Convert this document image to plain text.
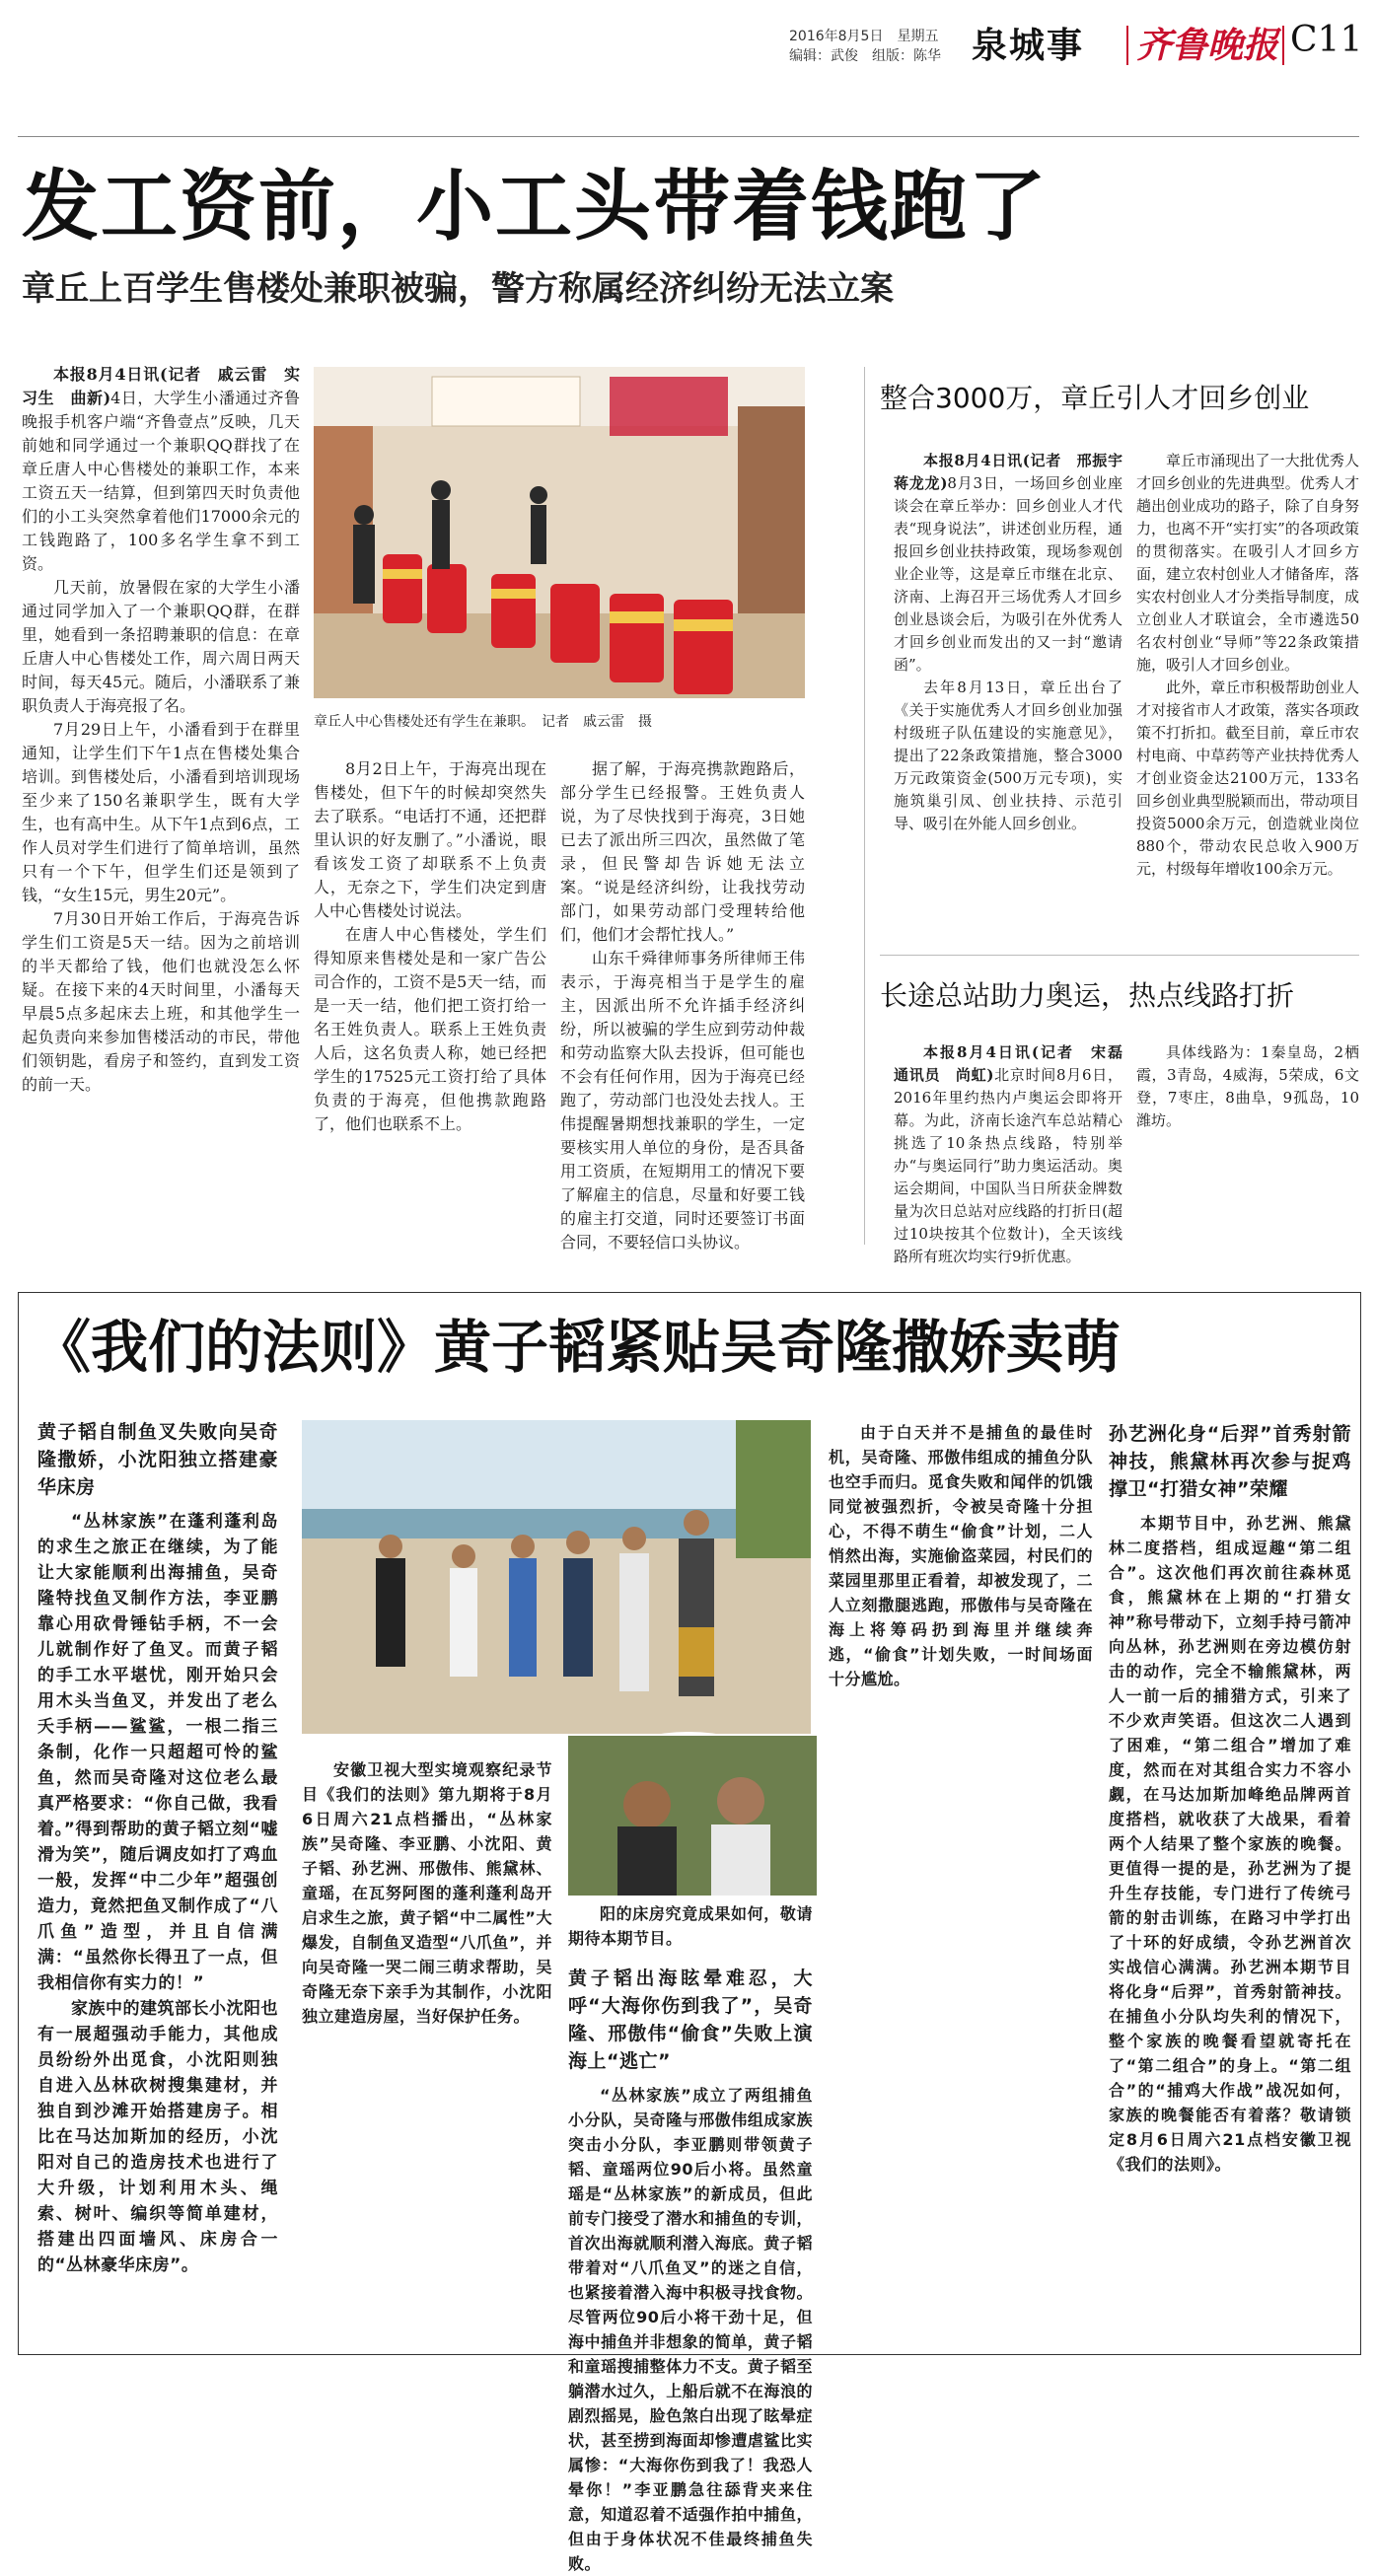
2016年8月5日　星期五
编辑：武俊　组版：陈华 泉城事 齐鲁晚报 C11
发工资前，小工头带着钱跑了
章丘上百学生售楼处兼职被骗，警方称属经济纠纷无法立案

本报8月4日讯(记者　戚云雷　实习生　曲新)4日，大学生小潘通过齐鲁晚报手机客户端“齐鲁壹点”反映，几天前她和同学通过一个兼职QQ群找了在章丘唐人中心售楼处的兼职工作，本来工资五天一结算，但到第四天时负责他们的小工头突然拿着他们17000余元的工钱跑路了，100多名学生拿不到工资。

几天前，放暑假在家的大学生小潘通过同学加入了一个兼职QQ群，在群里，她看到一条招聘兼职的信息：在章丘唐人中心售楼处工作，周六周日两天时间，每天45元。随后，小潘联系了兼职负责人于海亮报了名。

7月29日上午，小潘看到于在群里通知，让学生们下午1点在售楼处集合培训。到售楼处后，小潘看到培训现场至少来了150名兼职学生，既有大学生，也有高中生。从下午1点到6点，工作人员对学生们进行了简单培训，虽然只有一个下午，但学生们还是领到了钱，“女生15元，男生20元”。

7月30日开始工作后，于海亮告诉学生们工资是5天一结。因为之前培训的半天都给了钱，他们也就没怎么怀疑。在接下来的4天时间里，小潘每天早晨5点多起床去上班，和其他学生一起负责向来参加售楼活动的市民，带他们领钥匙，看房子和签约，直到发工资的前一天。

章丘人中心售楼处还有学生在兼职。　记者　戚云雷　摄

8月2日上午，于海亮出现在售楼处，但下午的时候却突然失去了联系。“电话打不通，还把群里认识的好友删了。”小潘说，眼看该发工资了却联系不上负责人，无奈之下，学生们决定到唐人中心售楼处讨说法。

在唐人中心售楼处，学生们得知原来售楼处是和一家广告公司合作的，工资不是5天一结，而是一天一结，他们把工资打给一名王姓负责人。联系上王姓负责人后，这名负责人称，她已经把学生的17525元工资打给了具体负责的于海亮，但他携款跑路了，他们也联系不上。

据了解，于海亮携款跑路后，部分学生已经报警。王姓负责人说，为了尽快找到于海亮，3日她已去了派出所三四次，虽然做了笔录，但民警却告诉她无法立案。“说是经济纠纷，让我找劳动部门，如果劳动部门受理转给他们，他们才会帮忙找人。”

山东千舜律师事务所律师王伟表示，于海亮相当于是学生的雇主，因派出所不允许插手经济纠纷，所以被骗的学生应到劳动仲裁和劳动监察大队去投诉，但可能也不会有任何作用，因为于海亮已经跑了，劳动部门也没处去找人。王伟提醒暑期想找兼职的学生，一定要核实用人单位的身份，是否具备用工资质，在短期用工的情况下要了解雇主的信息，尽量和好要工钱的雇主打交道，同时还要签订书面合同，不要轻信口头协议。

整合3000万，章丘引人才回乡创业

本报8月4日讯(记者　邢振宇　蒋龙龙)8月3日，一场回乡创业座谈会在章丘举办：回乡创业人才代表“现身说法”，讲述创业历程，通报回乡创业扶持政策，现场参观创业企业等，这是章丘市继在北京、济南、上海召开三场优秀人才回乡创业恳谈会后，为吸引在外优秀人才回乡创业而发出的又一封“邀请函”。

去年8月13日，章丘出台了《关于实施优秀人才回乡创业加强村级班子队伍建设的实施意见》，提出了22条政策措施，整合3000万元政策资金(500万元专项)，实施筑巢引凤、创业扶持、示范引导、吸引在外能人回乡创业。

章丘市涌现出了一大批优秀人才回乡创业的先进典型。优秀人才趟出创业成功的路子，除了自身努力，也离不开“实打实”的各项政策的贯彻落实。在吸引人才回乡方面，建立农村创业人才储备库，落实农村创业人才分类指导制度，成立创业人才联谊会，全市遴选50名农村创业“导师”等22条政策措施，吸引人才回乡创业。

此外，章丘市积极帮助创业人才对接省市人才政策，落实各项政策不打折扣。截至目前，章丘市农村电商、中草药等产业扶持优秀人才创业资金达2100万元，133名回乡创业典型脱颖而出，带动项目投资5000余万元，创造就业岗位880个，带动农民总收入900万元，村级每年增收100余万元。

长途总站助力奥运，热点线路打折

本报8月4日讯(记者　宋磊　通讯员　尚虹)北京时间8月6日，2016年里约热内卢奥运会即将开幕。为此，济南长途汽车总站精心挑选了10条热点线路，特别举办“与奥运同行”助力奥运活动。奥运会期间，中国队当日所获金牌数量为次日总站对应线路的打折日(超过10块按其个位数计)，全天该线路所有班次均实行9折优惠。

具体线路为：1秦皇岛，2栖霞，3青岛，4威海，5荣成，6文登，7枣庄，8曲阜，9孤岛，10潍坊。

《我们的法则》黄子韬紧贴吴奇隆撒娇卖萌

黄子韬自制鱼叉失败向吴奇隆撒娇，小沈阳独立搭建豪华床房

“丛林家族”在蓬利蓬利岛的求生之旅正在继续，为了能让大家能顺利出海捕鱼，吴奇隆特找鱼叉制作方法，李亚鹏靠心用砍骨锤钻手柄，不一会儿就制作好了鱼叉。而黄子韬的手工水平堪忧，刚开始只会用木头当鱼叉，并发出了老么夭手柄——鲨鲨，一根二指三条制，化作一只超超可怜的鲨鱼，然而吴奇隆对这位老么最真严格要求：“你自己做，我看着。”得到帮助的黄子韬立刻“嘘滑为笑”，随后调皮如打了鸡血一般，发挥“中二少年”超强创造力，竟然把鱼叉制作成了“八爪鱼”造型，并且自信满满：“虽然你长得丑了一点，但我相信你有实力的！”

家族中的建筑部长小沈阳也有一展超强动手能力，其他成员纷纷外出觅食，小沈阳则独自进入丛林砍树搜集建材，并独自到沙滩开始搭建房子。相比在马达加斯加的经历，小沈阳对自己的造房技术也进行了大升级，计划利用木头、绳索、树叶、编织等简单建材，搭建出四面墙风、床房合一的“丛林豪华床房”。

安徽卫视大型实境观察纪录节目《我们的法则》第九期将于8月6日周六21点档播出，“丛林家族”吴奇隆、李亚鹏、小沈阳、黄子韬、孙艺洲、邢傲伟、熊黛林、童瑶，在瓦努阿图的蓬利蓬利岛开启求生之旅，黄子韬“中二属性”大爆发，自制鱼叉造型“八爪鱼”，并向吴奇隆一哭二闹三萌求帮助，吴奇隆无奈下亲手为其制作，小沈阳独立建造房屋，当好保护任务。

阳的床房究竟成果如何，敬请期待本期节目。

黄子韬出海眩晕难忍，大呼“大海你伤到我了”，吴奇隆、邢傲伟“偷食”失败上演海上“逃亡”

“丛林家族”成立了两组捕鱼小分队，吴奇隆与邢傲伟组成家族突击小分队，李亚鹏则带领黄子韬、童瑶两位90后小将。虽然童瑶是“丛林家族”的新成员，但此前专门接受了潜水和捕鱼的专训，首次出海就顺利潜入海底。黄子韬带着对“八爪鱼叉”的迷之自信，也紧接着潜入海中积极寻找食物。尽管两位90后小将干劲十足，但海中捕鱼并非想象的简单，黄子韬和童瑶搜捕整体力不支。黄子韬至躺潜水过久，上船后就不在海浪的剧烈摇晃，脸色煞白出现了眩晕症状，甚至捞到海面却惨遭虐鲨比实属惨：“大海你伤到我了！我恐人晕你！”李亚鹏急往舔背夹来住意，知道忍着不适强作拍中捕鱼，但由于身体状况不佳最终捕鱼失败。

由于白天并不是捕鱼的最佳时机，吴奇隆、邢傲伟组成的捕鱼分队也空手而归。觅食失败和闻伴的饥饿同觉被强烈折，令被吴奇隆十分担心，不得不萌生“偷食”计划，二人悄然出海，实施偷盗菜园，村民们的菜园里那里正看着，却被发现了，二人立刻撒腿逃跑，邢傲伟与吴奇隆在海上将筹码扔到海里并继续奔逃，“偷食”计划失败，一时间场面十分尴尬。

孙艺洲化身“后羿”首秀射箭神技，熊黛林再次参与捉鸡撑卫“打猎女神”荣耀

本期节目中，孙艺洲、熊黛林二度搭档，组成逗趣“第二组合”。这次他们再次前往森林觅食，熊黛林在上期的“打猎女神”称号带动下，立刻手持弓箭冲向丛林，孙艺洲则在旁边模仿射击的动作，完全不输熊黛林，两人一前一后的捕猎方式，引来了不少欢声笑语。但这次二人遇到了困难，“第二组合”增加了难度，然而在对其组合实力不容小觑，在马达加斯加峰绝品牌两首度搭档，就收获了大战果，看着两个人结果了整个家族的晚餐。更值得一提的是，孙艺洲为了提升生存技能，专门进行了传统弓箭的射击训练，在路习中学打出了十环的好成绩，令孙艺洲首次实战信心满满。孙艺洲本期节目将化身“后羿”，首秀射箭神技。在捕鱼小分队均失利的情况下，整个家族的晚餐看望就寄托在了“第二组合”的身上。“第二组合”的“捕鸡大作战”战况如何，家族的晚餐能否有着落？敬请锁定8月6日周六21点档安徽卫视《我们的法则》。
